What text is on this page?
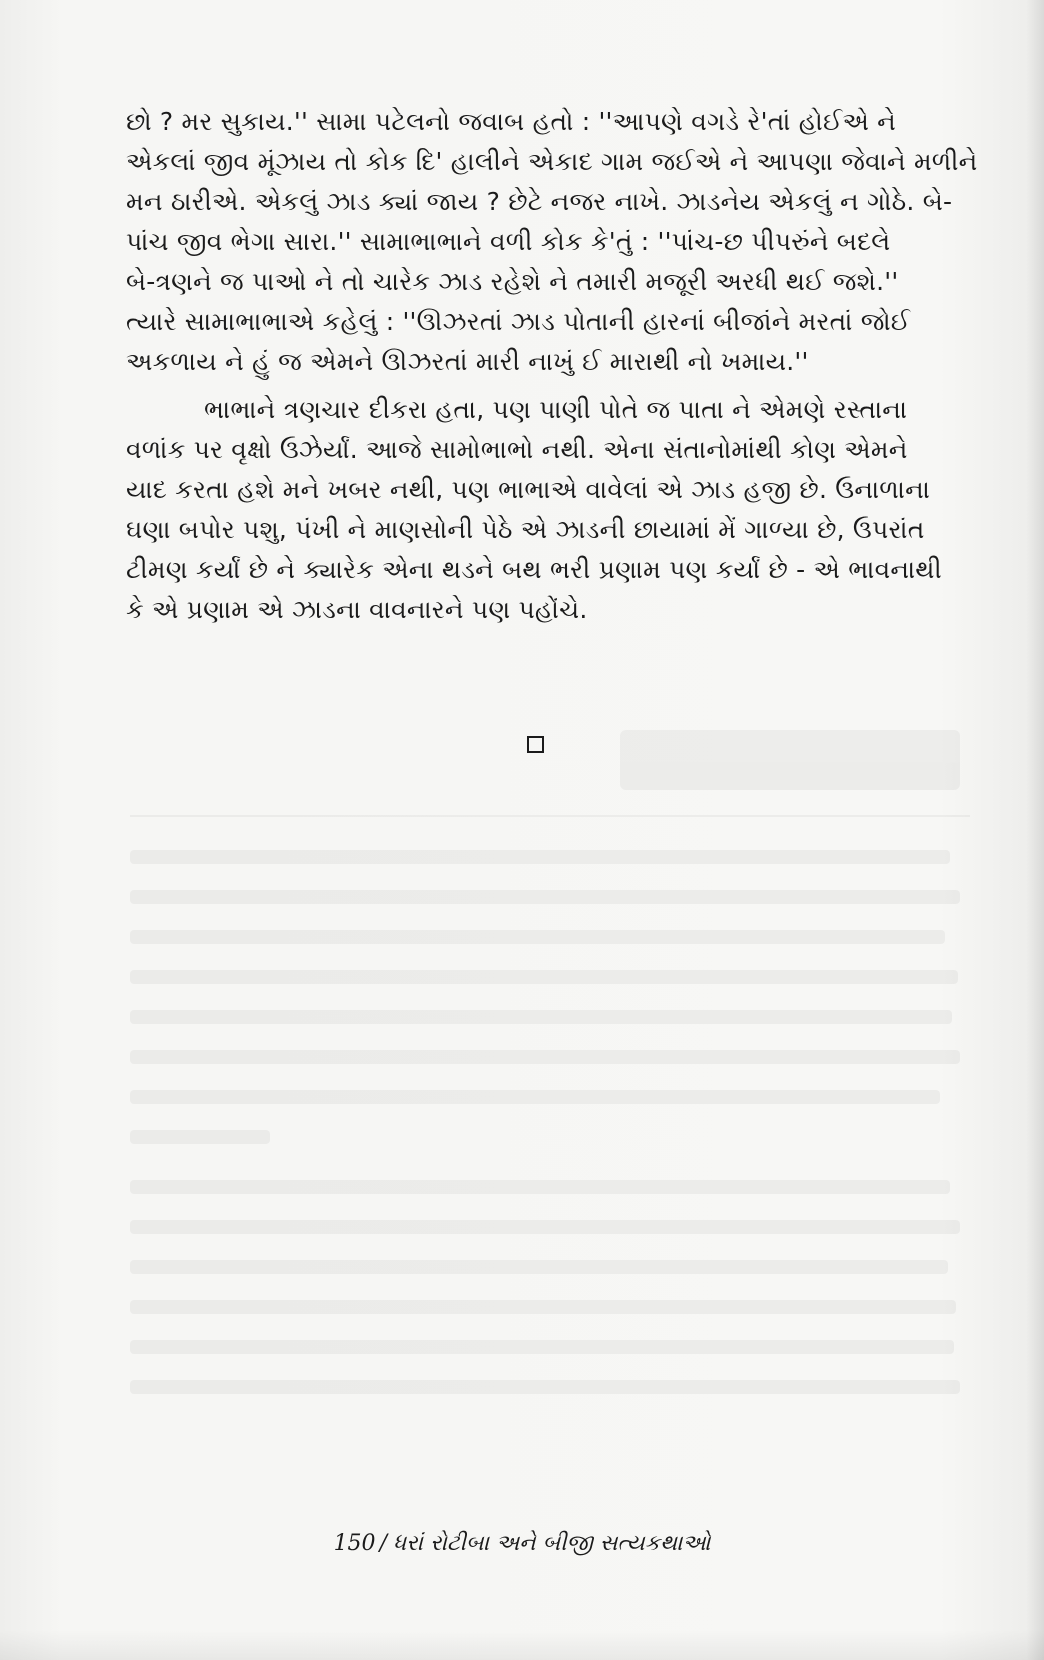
છો ? મર સુકાય.'' સામા પટેલનો જવાબ હતો : ''આપણે વગડે રે'તાં હોઈએ ને
એકલાં જીવ મૂંઝાય તો કોક દિ' હાલીને એકાદ ગામ જઈએ ને આપણા જેવાને મળીને
મન ઠારીએ. એકલું ઝાડ ક્યાં જાય ? છેટે નજર નાખે. ઝાડનેય એકલું ન ગોઠે. બે-
પાંચ જીવ ભેગા સારા.'' સામાભાભાને વળી કોક કે'તું : ''પાંચ-છ પીપરુંને બદલે
બે-ત્રણને જ પાઓ ને તો ચારેક ઝાડ રહેશે ને તમારી મજૂરી અરધી થઈ જશે.''
ત્યારે સામાભાભાએ કહેલું : ''ઊઝરતાં ઝાડ પોતાની હારનાં બીજાંને મરતાં જોઈ
અકળાય ને હું જ એમને ઊઝરતાં મારી નાખું ઈ મારાથી નો ખમાય.''

ભાભાને ત્રણચાર દીકરા હતા, પણ પાણી પોતે જ પાતા ને એમણે રસ્તાના
વળાંક પર વૃક્ષો ઉઝેર્યાં. આજે સામોભાભો નથી. એના સંતાનોમાંથી કોણ એમને
યાદ કરતા હશે મને ખબર નથી, પણ ભાભાએ વાવેલાં એ ઝાડ હજી છે. ઉનાળાના
ઘણા બપોર પશુ, પંખી ને માણસોની પેઠે એ ઝાડની છાયામાં મેં ગાળ્યા છે, ઉપરાંત
ટીમણ કર્યાં છે ને ક્યારેક એના થડને બથ ભરી પ્રણામ પણ કર્યાં છે - એ ભાવનાથી
કે એ પ્રણામ એ ઝાડના વાવનારને પણ પહોંચે.

150 / ધરાં રોટીબા અને બીજી સત્યકથાઓ
